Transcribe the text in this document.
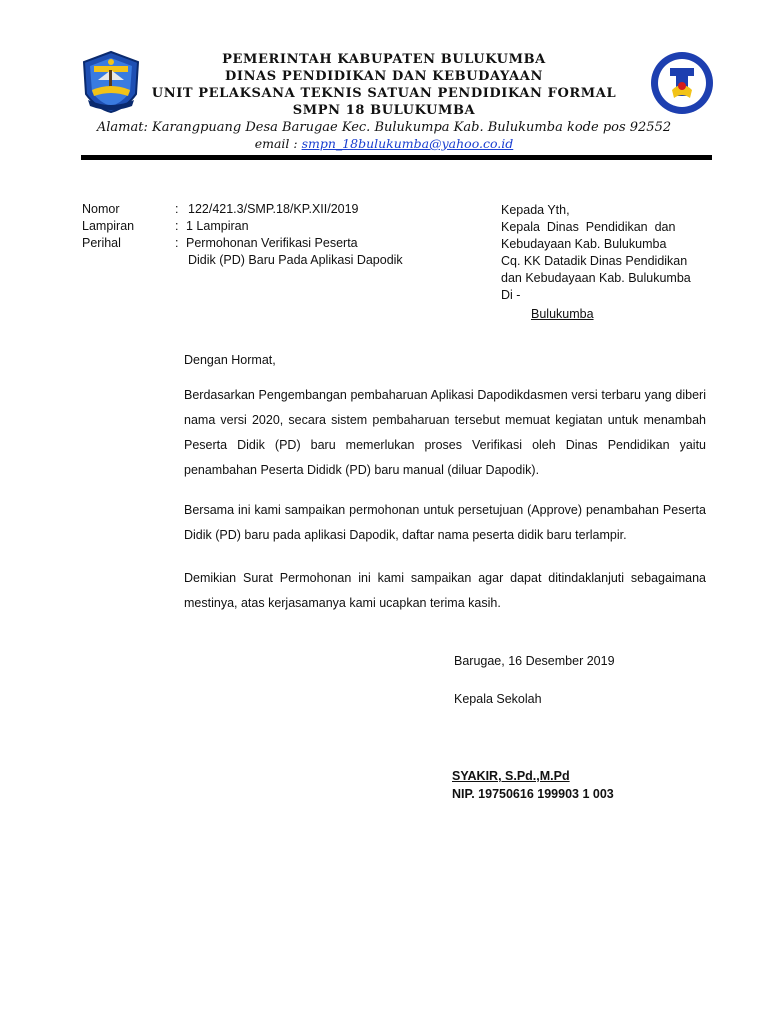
PEMERINTAH KABUPATEN BULUKUMBA
DINAS PENDIDIKAN DAN KEBUDAYAAN
UNIT PELAKSANA TEKNIS SATUAN PENDIDIKAN FORMAL
SMPN 18 BULUKUMBA
Alamat: Karangpuang Desa Barugae Kec. Bulukumpa Kab. Bulukumba kode pos 92552
email : smpn_18bulukumba@yahoo.co.id
Nomor	: 122/421.3/SMP.18/KP.XII/2019
Lampiran	: 1 Lampiran
Perihal	: Permohonan Verifikasi Peserta
Didik (PD) Baru Pada Aplikasi Dapodik
Kepada Yth,
Kepala  Dinas  Pendidikan  dan
Kebudayaan Kab. Bulukumba
Cq. KK Datadik Dinas Pendidikan
dan Kebudayaan Kab. Bulukumba
Di -
Bulukumba
Dengan Hormat,
Berdasarkan Pengembangan pembaharuan Aplikasi Dapodikdasmen versi terbaru yang diberi nama versi 2020, secara sistem pembaharuan tersebut memuat kegiatan untuk menambah Peserta Didik (PD) baru memerlukan proses Verifikasi oleh Dinas Pendidikan yaitu penambahan Peserta Dididk (PD) baru manual (diluar Dapodik).
Bersama ini kami sampaikan permohonan untuk persetujuan (Approve) penambahan Peserta Didik (PD) baru pada aplikasi Dapodik, daftar nama peserta didik baru terlampir.
Demikian Surat Permohonan ini kami sampaikan agar dapat ditindaklanjuti sebagaimana mestinya, atas kerjasamanya kami ucapkan terima kasih.
Barugae, 16 Desember 2019
Kepala Sekolah
SYAKIR, S.Pd.,M.Pd
NIP. 19750616 199903 1 003
